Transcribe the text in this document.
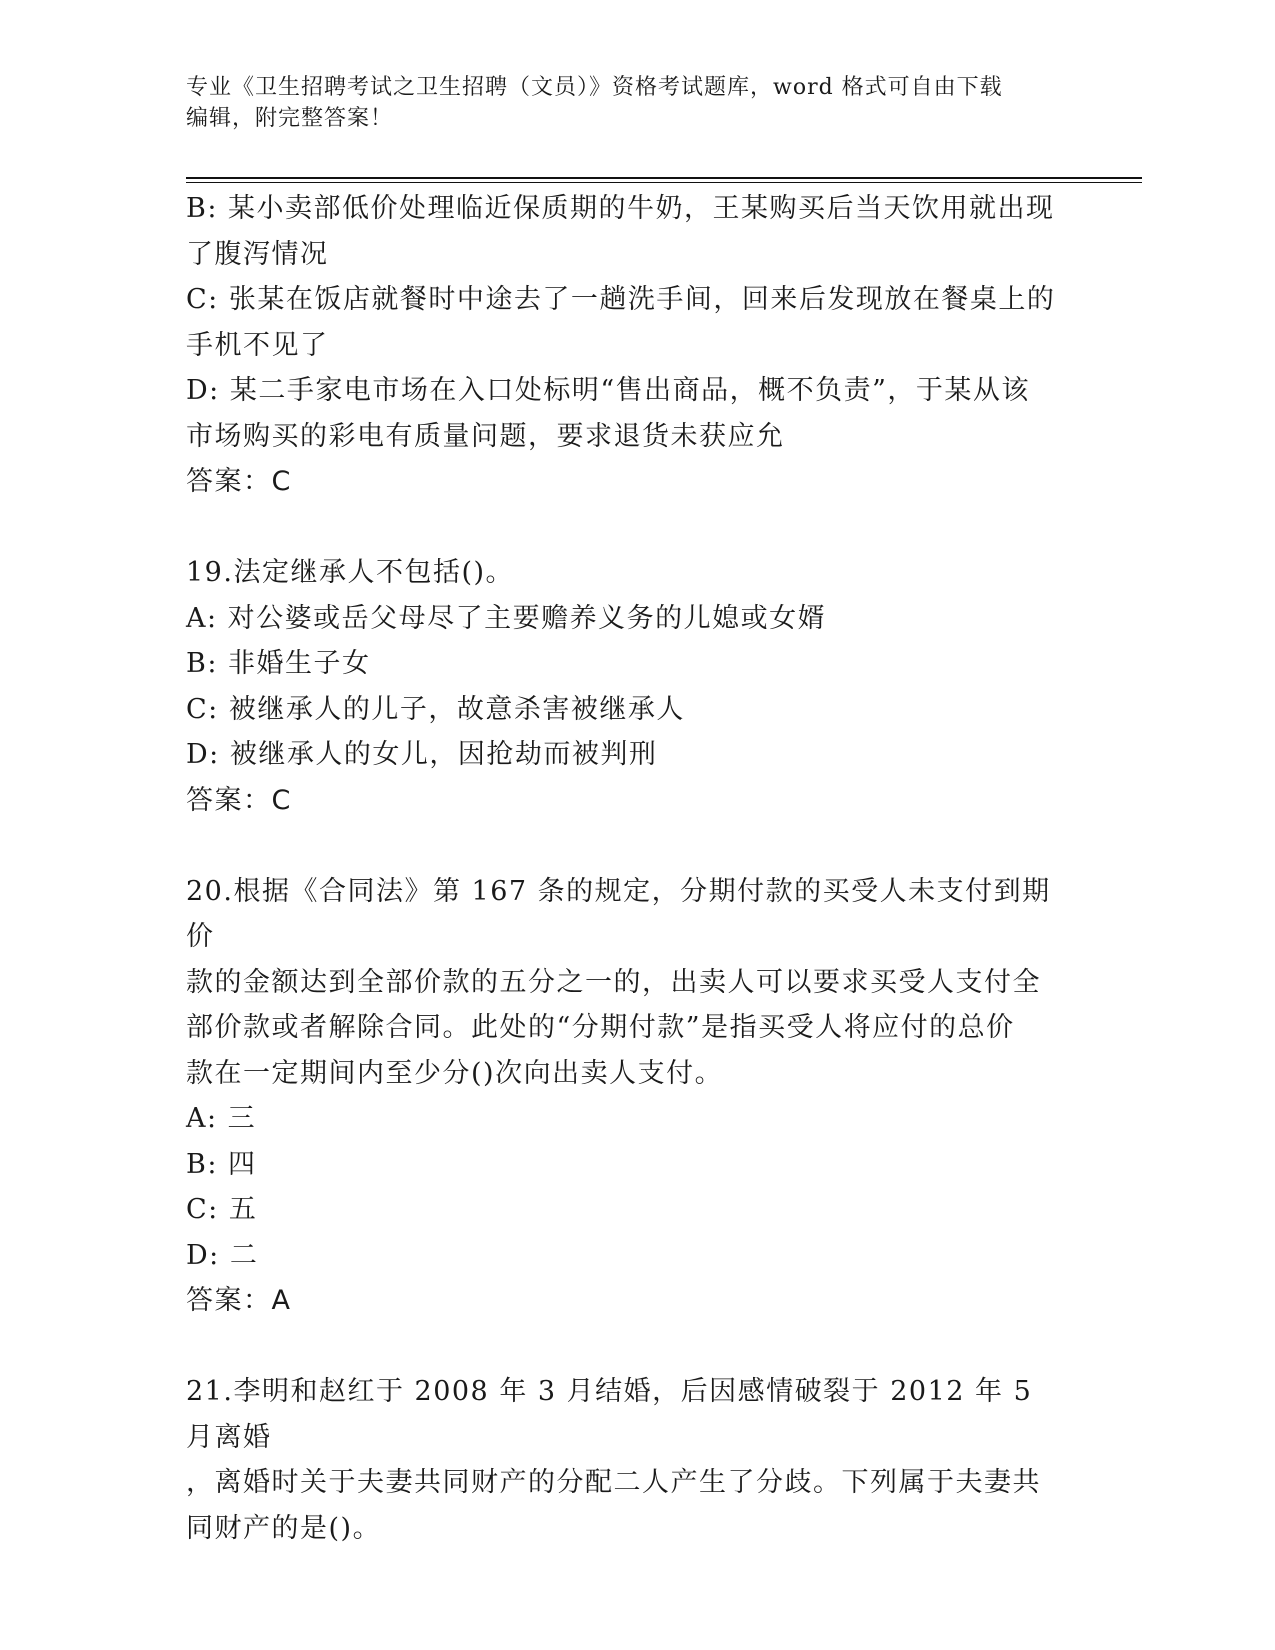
专业《卫生招聘考试之卫生招聘（文员）》资格考试题库，word 格式可自由下载
编辑，附完整答案！
B: 某小卖部低价处理临近保质期的牛奶，王某购买后当天饮用就出现
了腹泻情况
C: 张某在饭店就餐时中途去了一趟洗手间，回来后发现放在餐桌上的
手机不见了
D: 某二手家电市场在入口处标明“售出商品，概不负责”，于某从该
市场购买的彩电有质量问题，要求退货未获应允
答案：C
19.法定继承人不包括()。
A: 对公婆或岳父母尽了主要赡养义务的儿媳或女婿
B: 非婚生子女
C: 被继承人的儿子，故意杀害被继承人
D: 被继承人的女儿，因抢劫而被判刑
答案：C
20.根据《合同法》第 167 条的规定，分期付款的买受人未支付到期价
款的金额达到全部价款的五分之一的，出卖人可以要求买受人支付全
部价款或者解除合同。此处的“分期付款”是指买受人将应付的总价
款在一定期间内至少分()次向出卖人支付。
A: 三
B: 四
C: 五
D: 二
答案：A
21.李明和赵红于 2008 年 3 月结婚，后因感情破裂于 2012 年 5 月离婚
，离婚时关于夫妻共同财产的分配二人产生了分歧。下列属于夫妻共
同财产的是()。
